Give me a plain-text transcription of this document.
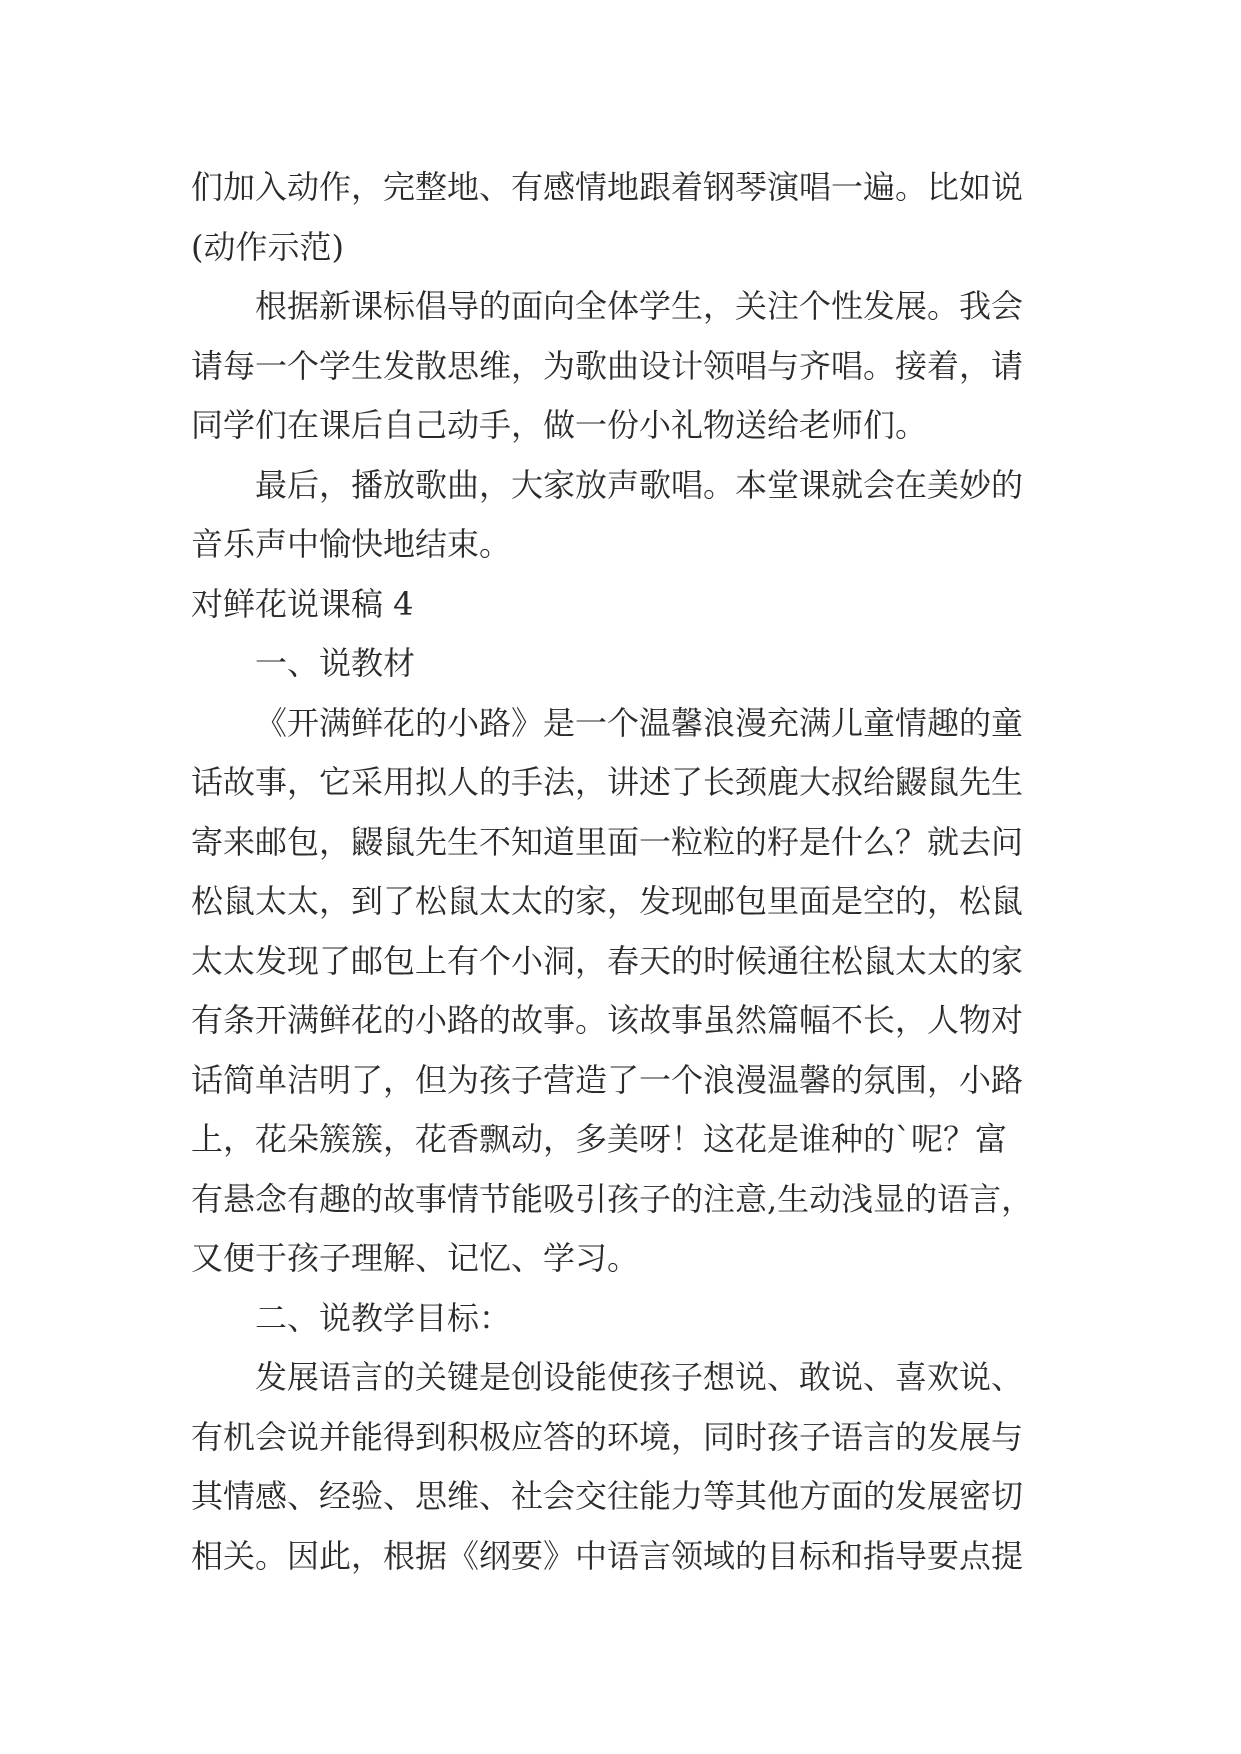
们加入动作，完整地、有感情地跟着钢琴演唱一遍。比如说
(动作示范)
根据新课标倡导的面向全体学生，关注个性发展。我会
请每一个学生发散思维，为歌曲设计领唱与齐唱。接着，请
同学们在课后自己动手，做一份小礼物送给老师们。
最后，播放歌曲，大家放声歌唱。本堂课就会在美妙的
音乐声中愉快地结束。
对鲜花说课稿 4
一、说教材
《开满鲜花的小路》是一个温馨浪漫充满儿童情趣的童
话故事，它采用拟人的手法，讲述了长颈鹿大叔给鼹鼠先生
寄来邮包，鼹鼠先生不知道里面一粒粒的籽是什么？就去问
松鼠太太，到了松鼠太太的家，发现邮包里面是空的，松鼠
太太发现了邮包上有个小洞，春天的时候通往松鼠太太的家
有条开满鲜花的小路的故事。该故事虽然篇幅不长，人物对
话简单洁明了，但为孩子营造了一个浪漫温馨的氛围，小路
上，花朵簇簇，花香飘动，多美呀！这花是谁种的`呢？富
有悬念有趣的故事情节能吸引孩子的注意,生动浅显的语言，
又便于孩子理解、记忆、学习。
二、说教学目标：
发展语言的关键是创设能使孩子想说、敢说、喜欢说、
有机会说并能得到积极应答的环境，同时孩子语言的发展与
其情感、经验、思维、社会交往能力等其他方面的发展密切
相关。因此，根据《纲要》中语言领域的目标和指导要点提
